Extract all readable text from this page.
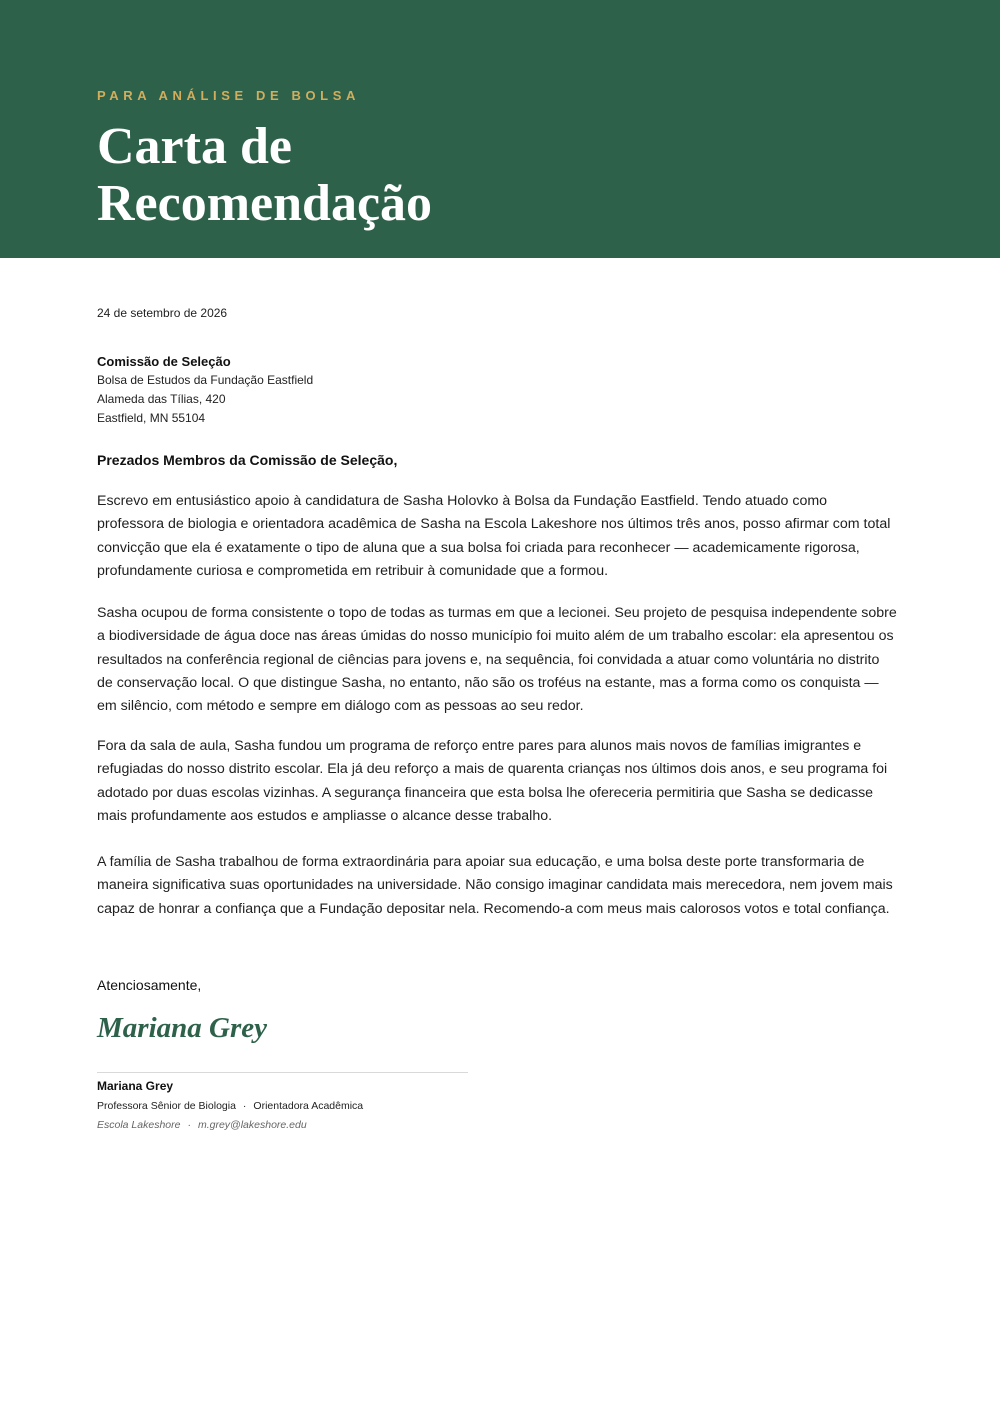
PARA ANÁLISE DE BOLSA
Carta de
Recomendação
24 de setembro de 2026
Comissão de Seleção
Bolsa de Estudos da Fundação Eastfield
Alameda das Tílias, 420
Eastfield, MN 55104
Prezados Membros da Comissão de Seleção,

Escrevo em entusiástico apoio à candidatura de Sasha Holovko à Bolsa da Fundação Eastfield. Tendo atuado como professora de biologia e orientadora acadêmica de Sasha na Escola Lakeshore nos últimos três anos, posso afirmar com total convicção que ela é exatamente o tipo de aluna que a sua bolsa foi criada para reconhecer — academicamente rigorosa, profundamente curiosa e comprometida em retribuir à comunidade que a formou.

Sasha ocupou de forma consistente o topo de todas as turmas em que a lecionei. Seu projeto de pesquisa independente sobre a biodiversidade de água doce nas áreas úmidas do nosso município foi muito além de um trabalho escolar: ela apresentou os resultados na conferência regional de ciências para jovens e, na sequência, foi convidada a atuar como voluntária no distrito de conservação local. O que distingue Sasha, no entanto, não são os troféus na estante, mas a forma como os conquista — em silêncio, com método e sempre em diálogo com as pessoas ao seu redor.

Fora da sala de aula, Sasha fundou um programa de reforço entre pares para alunos mais novos de famílias imigrantes e refugiadas do nosso distrito escolar. Ela já deu reforço a mais de quarenta crianças nos últimos dois anos, e seu programa foi adotado por duas escolas vizinhas. A segurança financeira que esta bolsa lhe ofereceria permitiria que Sasha se dedicasse mais profundamente aos estudos e ampliasse o alcance desse trabalho.

A família de Sasha trabalhou de forma extraordinária para apoiar sua educação, e uma bolsa deste porte transformaria de maneira significativa suas oportunidades na universidade. Não consigo imaginar candidata mais merecedora, nem jovem mais capaz de honrar a confiança que a Fundação depositar nela. Recomendo-a com meus mais calorosos votos e total confiança.

Atenciosamente,
Mariana Grey
Mariana Grey
Professora Sênior de Biologia · Orientadora Acadêmica
Escola Lakeshore · m.grey@lakeshore.edu
